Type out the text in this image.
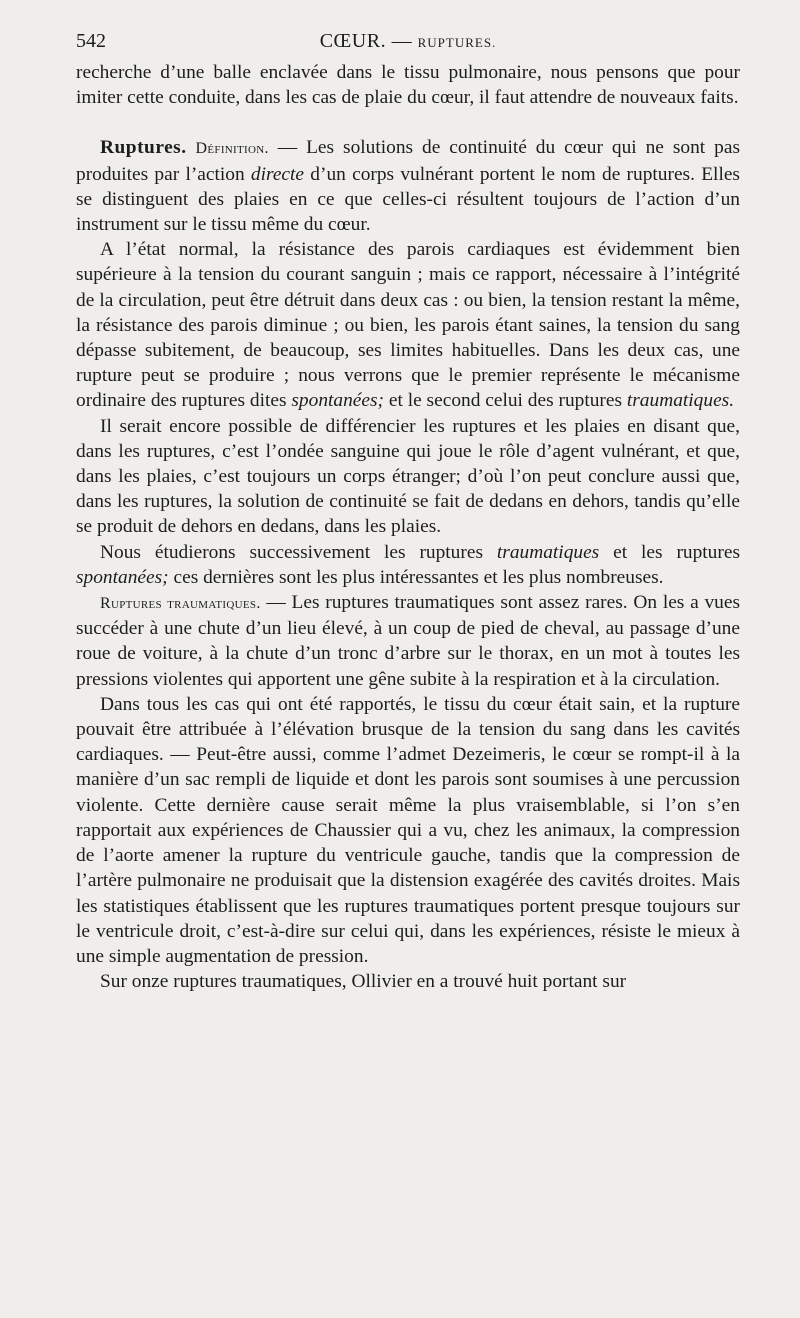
542	CŒUR. — RUPTURES.

recherche d’une balle enclavée dans le tissu pulmonaire, nous pensons que pour imiter cette conduite, dans les cas de plaie du cœur, il faut attendre de nouveaux faits.

Ruptures. Définition. — Les solutions de continuité du cœur qui ne sont pas produites par l’action directe d’un corps vulnérant portent le nom de ruptures. Elles se distinguent des plaies en ce que celles-ci résultent toujours de l’action d’un instrument sur le tissu même du cœur.

A l’état normal, la résistance des parois cardiaques est évidemment bien supérieure à la tension du courant sanguin ; mais ce rapport, nécessaire à l’intégrité de la circulation, peut être détruit dans deux cas : ou bien, la tension restant la même, la résistance des parois diminue ; ou bien, les parois étant saines, la tension du sang dépasse subitement, de beaucoup, ses limites habituelles. Dans les deux cas, une rupture peut se produire ; nous verrons que le premier représente le mécanisme ordinaire des ruptures dites spontanées; et le second celui des ruptures traumatiques.

Il serait encore possible de différencier les ruptures et les plaies en disant que, dans les ruptures, c’est l’ondée sanguine qui joue le rôle d’agent vulnérant, et que, dans les plaies, c’est toujours un corps étranger; d’où l’on peut conclure aussi que, dans les ruptures, la solution de continuité se fait de dedans en dehors, tandis qu’elle se produit de dehors en dedans, dans les plaies.

Nous étudierons successivement les ruptures traumatiques et les ruptures spontanées; ces dernières sont les plus intéressantes et les plus nombreuses.

Ruptures traumatiques. — Les ruptures traumatiques sont assez rares. On les a vues succéder à une chute d’un lieu élevé, à un coup de pied de cheval, au passage d’une roue de voiture, à la chute d’un tronc d’arbre sur le thorax, en un mot à toutes les pressions violentes qui apportent une gêne subite à la respiration et à la circulation.

Dans tous les cas qui ont été rapportés, le tissu du cœur était sain, et la rupture pouvait être attribuée à l’élévation brusque de la tension du sang dans les cavités cardiaques. — Peut-être aussi, comme l’admet Dezeimeris, le cœur se rompt-il à la manière d’un sac rempli de liquide et dont les parois sont soumises à une percussion violente. Cette dernière cause serait même la plus vraisemblable, si l’on s’en rapportait aux expériences de Chaussier qui a vu, chez les animaux, la compression de l’aorte amener la rupture du ventricule gauche, tandis que la compression de l’artère pulmonaire ne produisait que la distension exagérée des cavités droites. Mais les statistiques établissent que les ruptures traumatiques portent presque toujours sur le ventricule droit, c’est-à-dire sur celui qui, dans les expériences, résiste le mieux à une simple augmentation de pression.

Sur onze ruptures traumatiques, Ollivier en a trouvé huit portant sur
